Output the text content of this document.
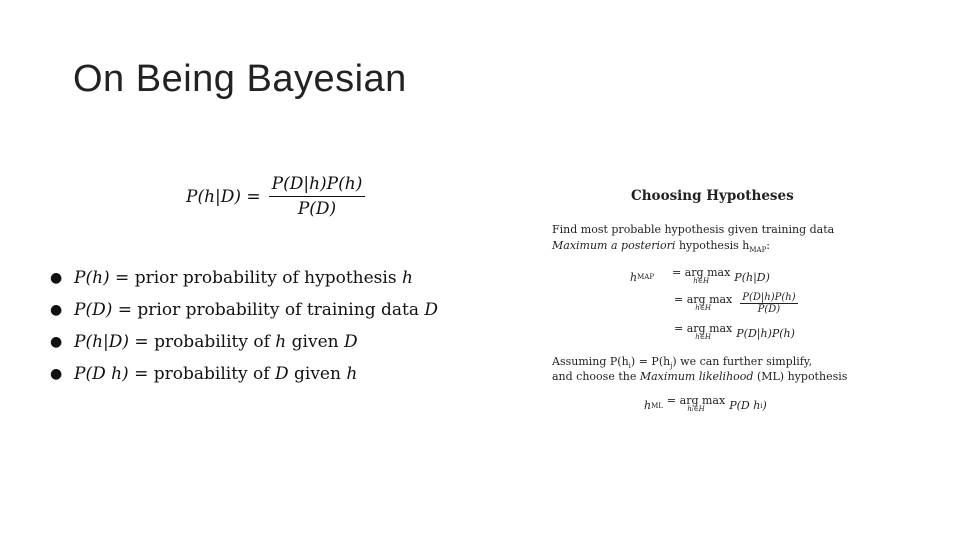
On Being Bayesian
$P(h|D) = \frac{P(D|h)P(h)}{P(D)}$
● P(h) = prior probability of hypothesis h
● P(D) = prior probability of training data D
● P(h|D) = probability of h given D
● P(D h) = probability of D given h
Choosing Hypotheses
Find most probable hypothesis given training data
Maximum a posteriori hypothesis $h_{MAP}$:
h MAP = arg max
h∈H P(h|D)
= arg max
h∈H	$\frac{P(D|h)P(h)}{P(D)}$
= arg max
h∈H P(D|h)P(h)
Assuming $P(h_i) = P(h_j)$ we can further simplify,
and choose the Maximum likelihood (ML) hypothesis
h ML = arg max
hi∈H P(D h i )
